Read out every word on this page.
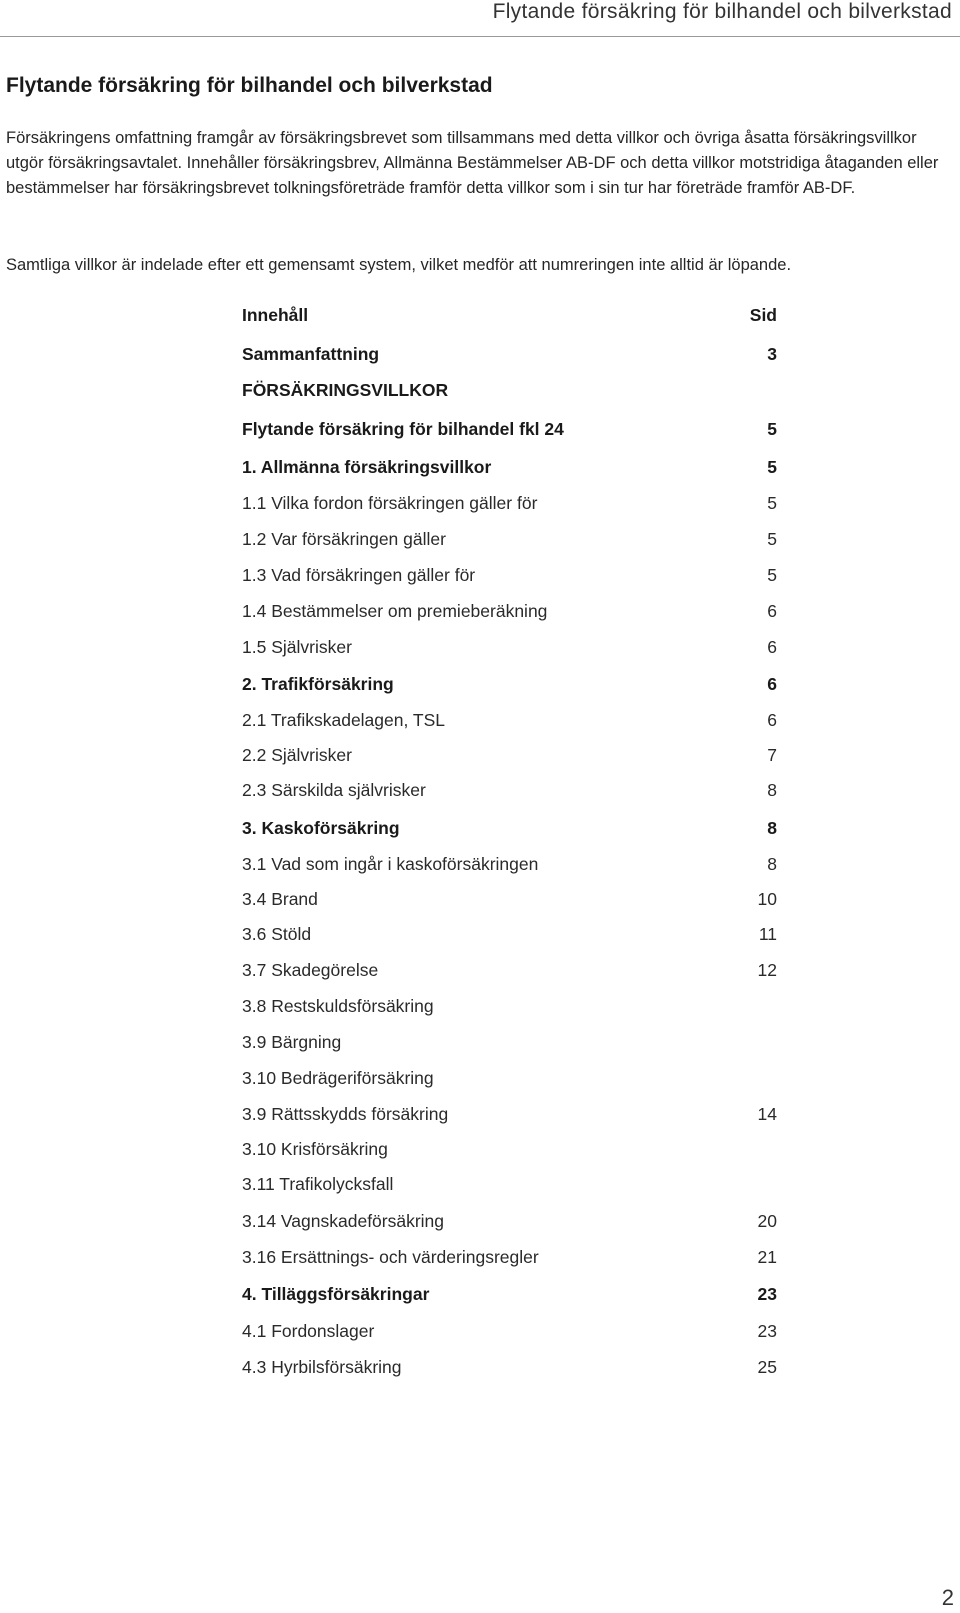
Flytande försäkring för bilhandel och bilverkstad
Flytande försäkring för bilhandel och bilverkstad

Försäkringens omfattning framgår av försäkringsbrevet som tillsammans med detta villkor och övriga åsatta försäkringsvillkor utgör försäkringsavtalet. Innehåller försäkringsbrev, Allmänna Bestämmelser AB-DF och detta villkor motstridiga åtaganden eller bestämmelser har försäkringsbrevet tolkningsföreträde framför detta villkor som i sin tur har företräde framför AB-DF.

Samtliga villkor är indelade efter ett gemensamt system, vilket medför att numreringen inte alltid är löpande.

Innehåll	Sid
Sammanfattning	3
FÖRSÄKRINGSVILLKOR
Flytande försäkring för bilhandel fkl 24	5
1. Allmänna försäkringsvillkor	5
1.1 Vilka fordon försäkringen gäller för	5
1.2 Var försäkringen gäller	5
1.3 Vad försäkringen gäller för	5
1.4 Bestämmelser om premieberäkning	6
1.5 Självrisker	6
2. Trafikförsäkring	6
2.1 Trafikskadelagen, TSL	6
2.2 Självrisker	7
2.3 Särskilda självrisker	8
3. Kaskoförsäkring	8
3.1 Vad som ingår i kaskoförsäkringen	8
3.4 Brand	10
3.6 Stöld	11
3.7 Skadegörelse	12
3.8 Restskuldsförsäkring
3.9 Bärgning
3.10 Bedrägeriförsäkring
3.9 Rättsskydds försäkring	14
3.10 Krisförsäkring
3.11 Trafikolycksfall
3.14 Vagnskadeförsäkring	20
3.16 Ersättnings- och värderingsregler	21
4. Tilläggsförsäkringar	23
4.1 Fordonslager	23
4.3 Hyrbilsförsäkring	25
2
